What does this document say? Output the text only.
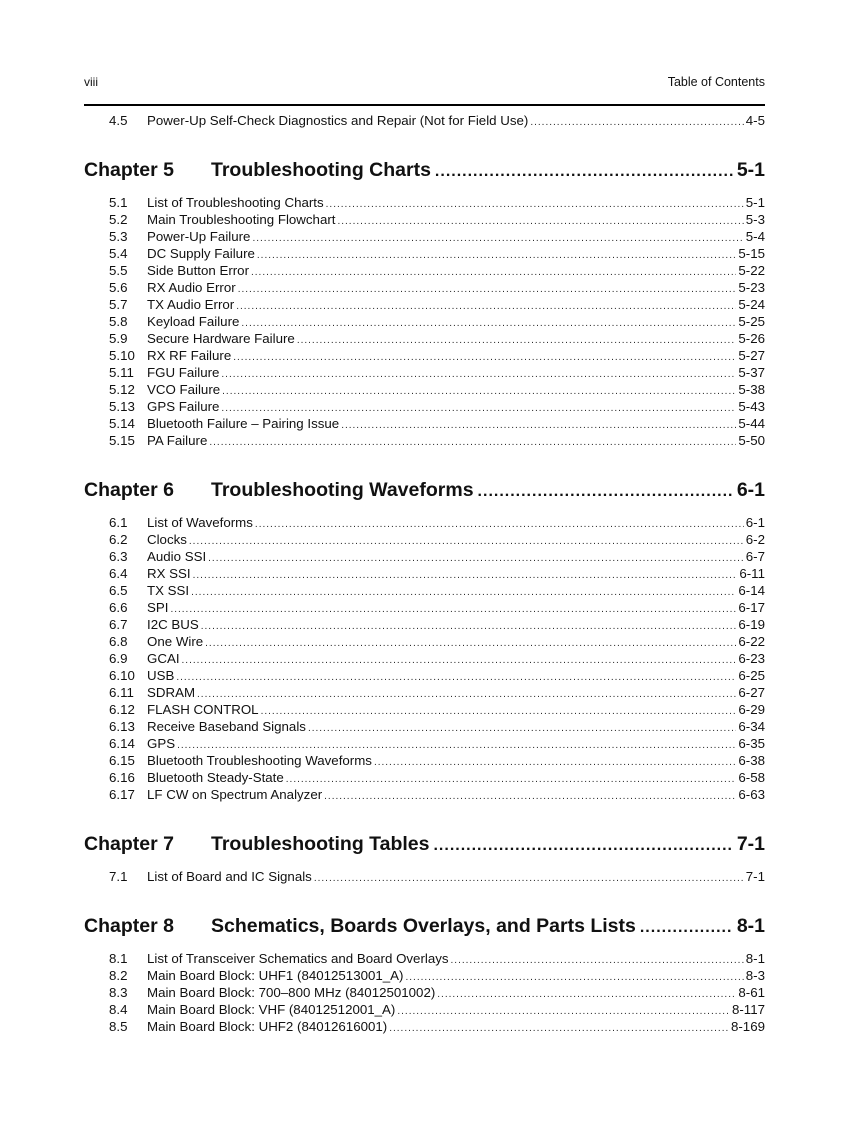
viii	Table of Contents
4.5	Power-Up Self-Check Diagnostics and Repair (Not for Field Use) .....	4-5
Chapter 5	Troubleshooting Charts .....	5-1
5.1	List of Troubleshooting Charts .....	5-1
5.2	Main Troubleshooting Flowchart .....	5-3
5.3	Power-Up Failure .....	5-4
5.4	DC Supply Failure .....	5-15
5.5	Side Button Error .....	5-22
5.6	RX Audio Error .....	5-23
5.7	TX Audio Error .....	5-24
5.8	Keyload Failure .....	5-25
5.9	Secure Hardware Failure .....	5-26
5.10 RX RF Failure .....	5-27
5.11 FGU Failure .....	5-37
5.12 VCO Failure .....	5-38
5.13 GPS Failure .....	5-43
5.14 Bluetooth Failure – Pairing Issue .....	5-44
5.15 PA Failure .....	5-50
Chapter 6	Troubleshooting Waveforms .....	6-1
6.1	List of Waveforms .....	6-1
6.2	Clocks .....	6-2
6.3	Audio SSI .....	6-7
6.4	RX SSI .....	6-11
6.5	TX SSI .....	6-14
6.6	SPI .....	6-17
6.7	I2C BUS .....	6-19
6.8	One Wire .....	6-22
6.9	GCAI .....	6-23
6.10 USB .....	6-25
6.11 SDRAM .....	6-27
6.12 FLASH CONTROL .....	6-29
6.13 Receive Baseband Signals .....	6-34
6.14 GPS .....	6-35
6.15 Bluetooth Troubleshooting Waveforms .....	6-38
6.16 Bluetooth Steady-State .....	6-58
6.17 LF CW on Spectrum Analyzer .....	6-63
Chapter 7	Troubleshooting Tables .....	7-1
7.1	List of Board and IC Signals .....	7-1
Chapter 8	Schematics, Boards Overlays, and Parts Lists .....	8-1
8.1	List of Transceiver Schematics and Board Overlays .....	8-1
8.2	Main Board Block: UHF1 (84012513001_A) .....	8-3
8.3	Main Board Block: 700–800 MHz (84012501002) .....	8-61
8.4	Main Board Block: VHF (84012512001_A) .....	8-117
8.5	Main Board Block: UHF2 (84012616001) .....	8-169
